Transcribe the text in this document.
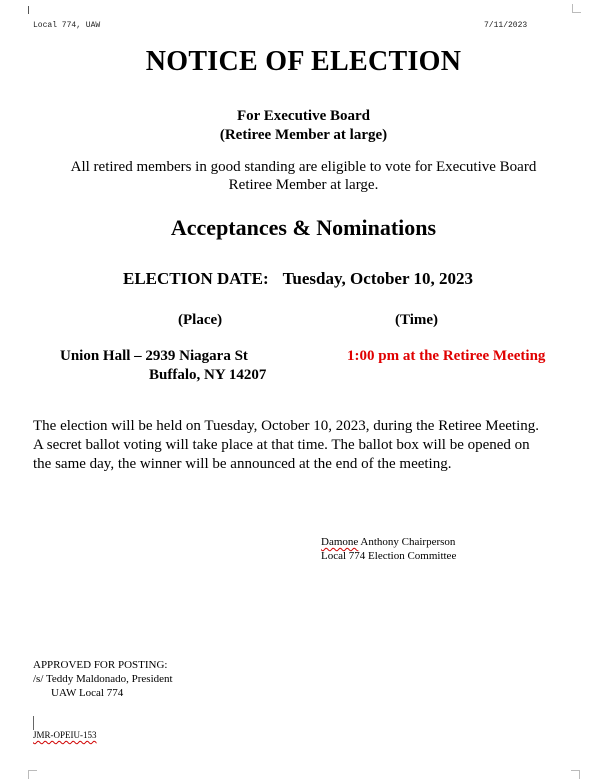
Local 774, UAW	7/11/2023
NOTICE OF ELECTION
For Executive Board
(Retiree Member at large)
All retired members in good standing are eligible to vote for Executive Board
Retiree Member at large.
Acceptances & Nominations
ELECTION DATE: Tuesday, October 10, 2023
(Place)	(Time)
Union Hall – 2939 Niagara St
Buffalo, NY 14207
1:00 pm at the Retiree Meeting
The election will be held on Tuesday, October 10, 2023, during the Retiree Meeting.
A secret ballot voting will take place at that time. The ballot box will be opened on
the same day, the winner will be announced at the end of the meeting.
Damone Anthony Chairperson
Local 774 Election Committee
APPROVED FOR POSTING:
/s/ Teddy Maldonado, President
UAW Local 774
JMR-OPEIU-153
